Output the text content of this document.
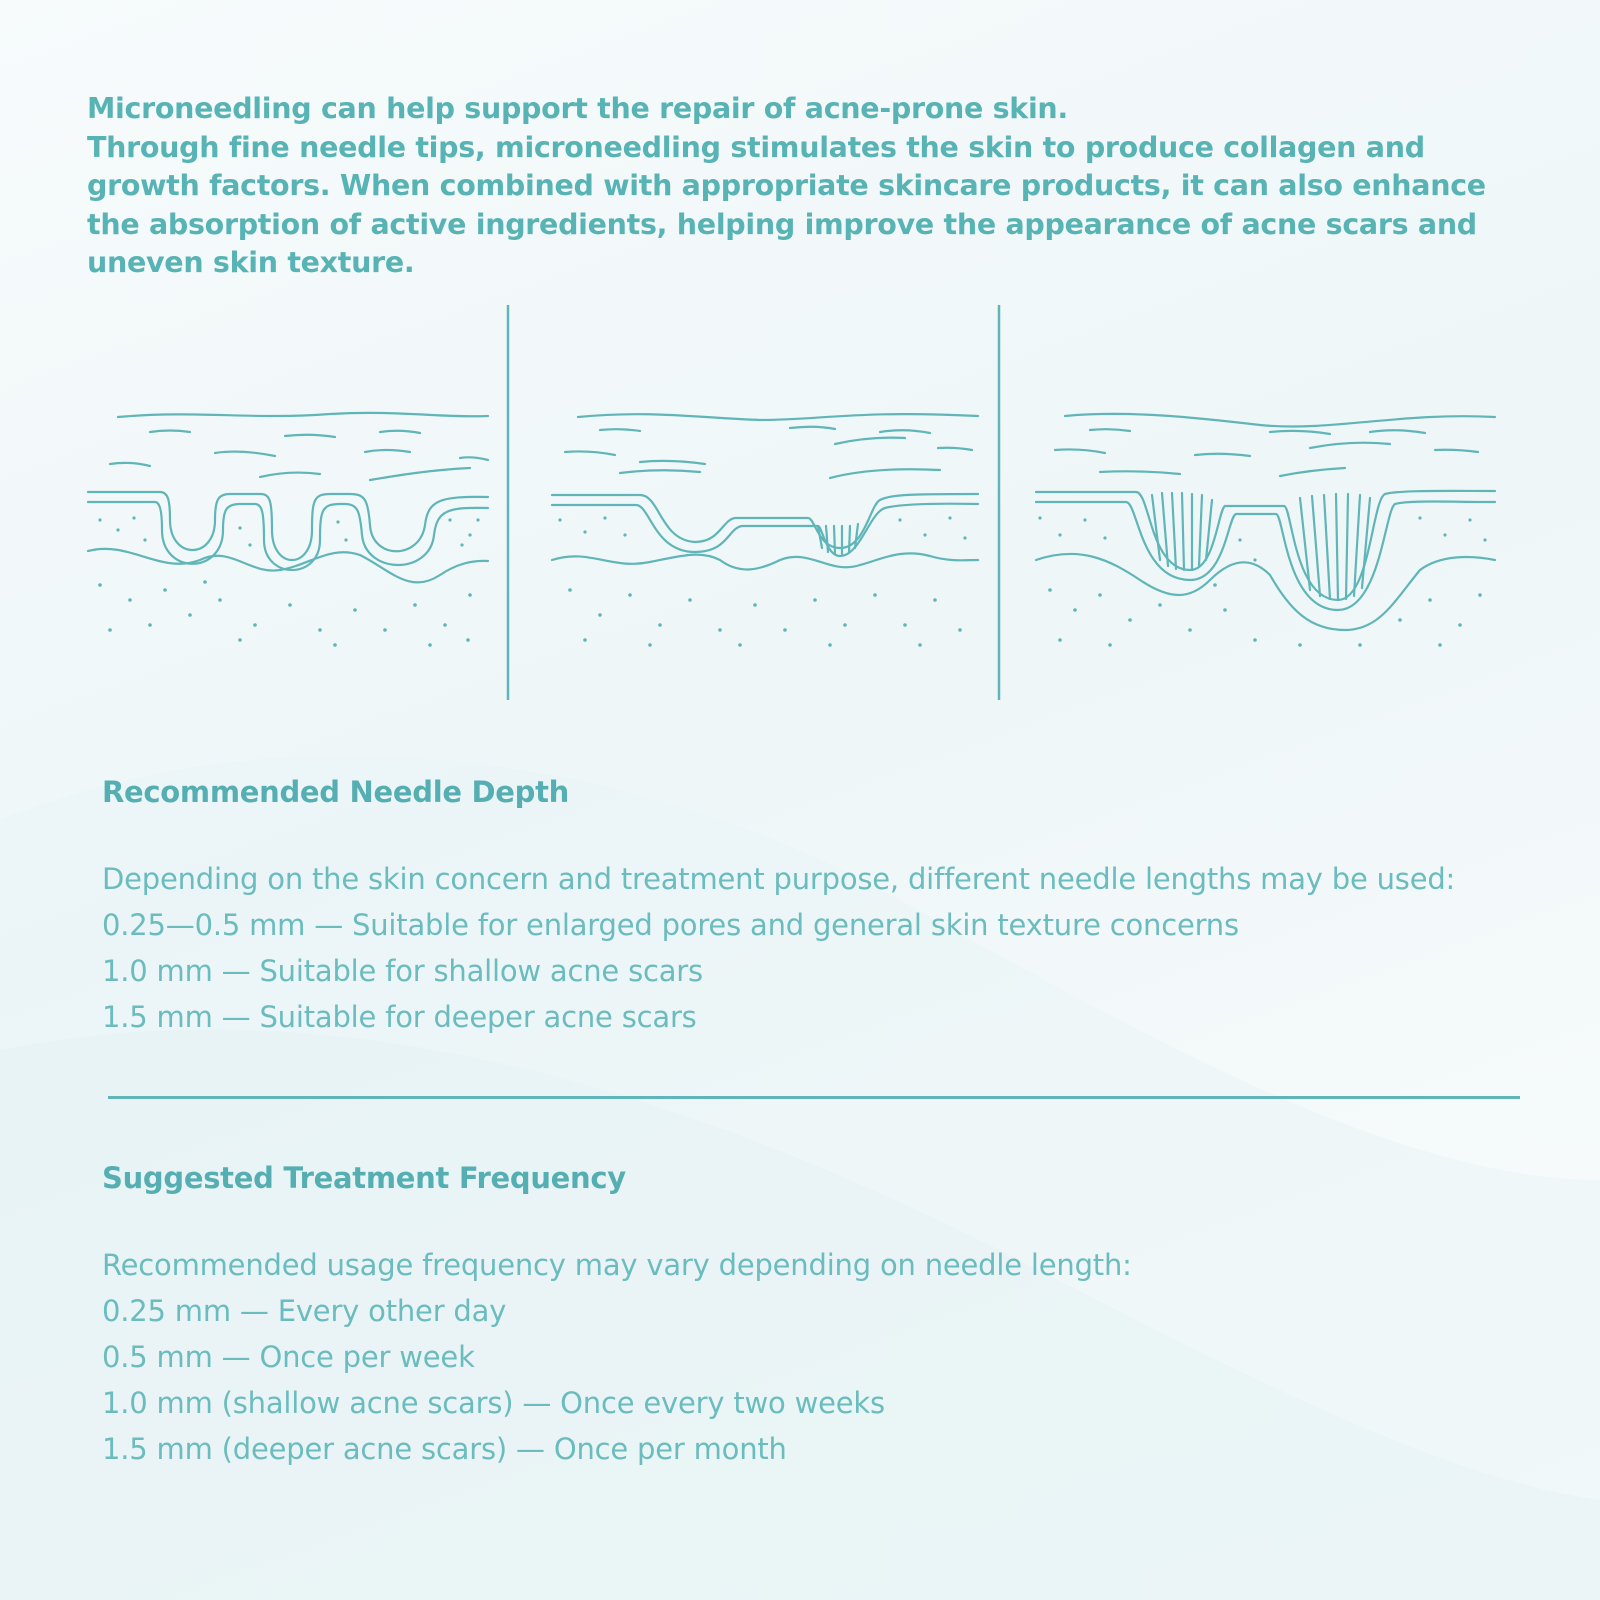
Microneedling can help support the repair of acne-prone skin.

Through fine needle tips, microneedling stimulates the skin to produce collagen and growth factors. When combined with appropriate skincare products, it can also enhance the absorption of active ingredients, helping improve the appearance of acne scars and uneven skin texture.

Recommended Needle Depth
Depending on the skin concern and treatment purpose, different needle lengths may be used:
0.25—0.5 mm — Suitable for enlarged pores and general skin texture concerns
1.0 mm — Suitable for shallow acne scars
1.5 mm — Suitable for deeper acne scars
Suggested Treatment Frequency
Recommended usage frequency may vary depending on needle length:
0.25 mm — Every other day
0.5 mm — Once per week
1.0 mm (shallow acne scars) — Once every two weeks
1.5 mm (deeper acne scars) — Once per month
